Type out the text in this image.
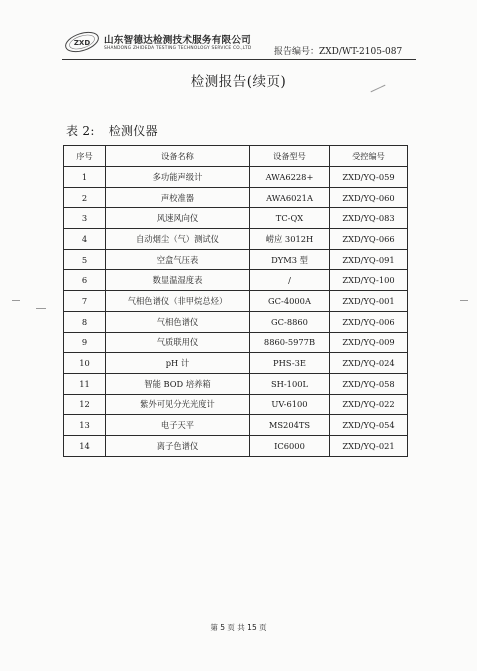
ZXD 山东智德达检测技术服务有限公司
SHANDONG ZHIDEDA TESTING TECHNOLOGY SERVICE CO.,LTD	报告编号：ZXD/WT-2105-087
检测报告(续页)
表 2: 检测仪器
序号	设备名称	设备型号	受控编号
1	多功能声级计	AWA6228+	ZXD/YQ-059
2	声校准器	AWA6021A	ZXD/YQ-060
3	风速风向仪	TC-QX	ZXD/YQ-083
4	自动烟尘（气）测试仪	崂应 3012H	ZXD/YQ-066
5	空盒气压表	DYM3 型	ZXD/YQ-091
6	数显温湿度表	/	ZXD/YQ-100
7	气相色谱仪（非甲烷总烃）	GC-4000A	ZXD/YQ-001
8	气相色谱仪	GC-8860	ZXD/YQ-006
9	气质联用仪	8860-5977B	ZXD/YQ-009
10	pH 计	PHS-3E	ZXD/YQ-024
11	智能 BOD 培养箱	SH-100L	ZXD/YQ-058
12	紫外可见分光光度计	UV-6100	ZXD/YQ-022
13	电子天平	MS204TS	ZXD/YQ-054
14	离子色谱仪	IC6000	ZXD/YQ-021
第 5 页 共 15 页
